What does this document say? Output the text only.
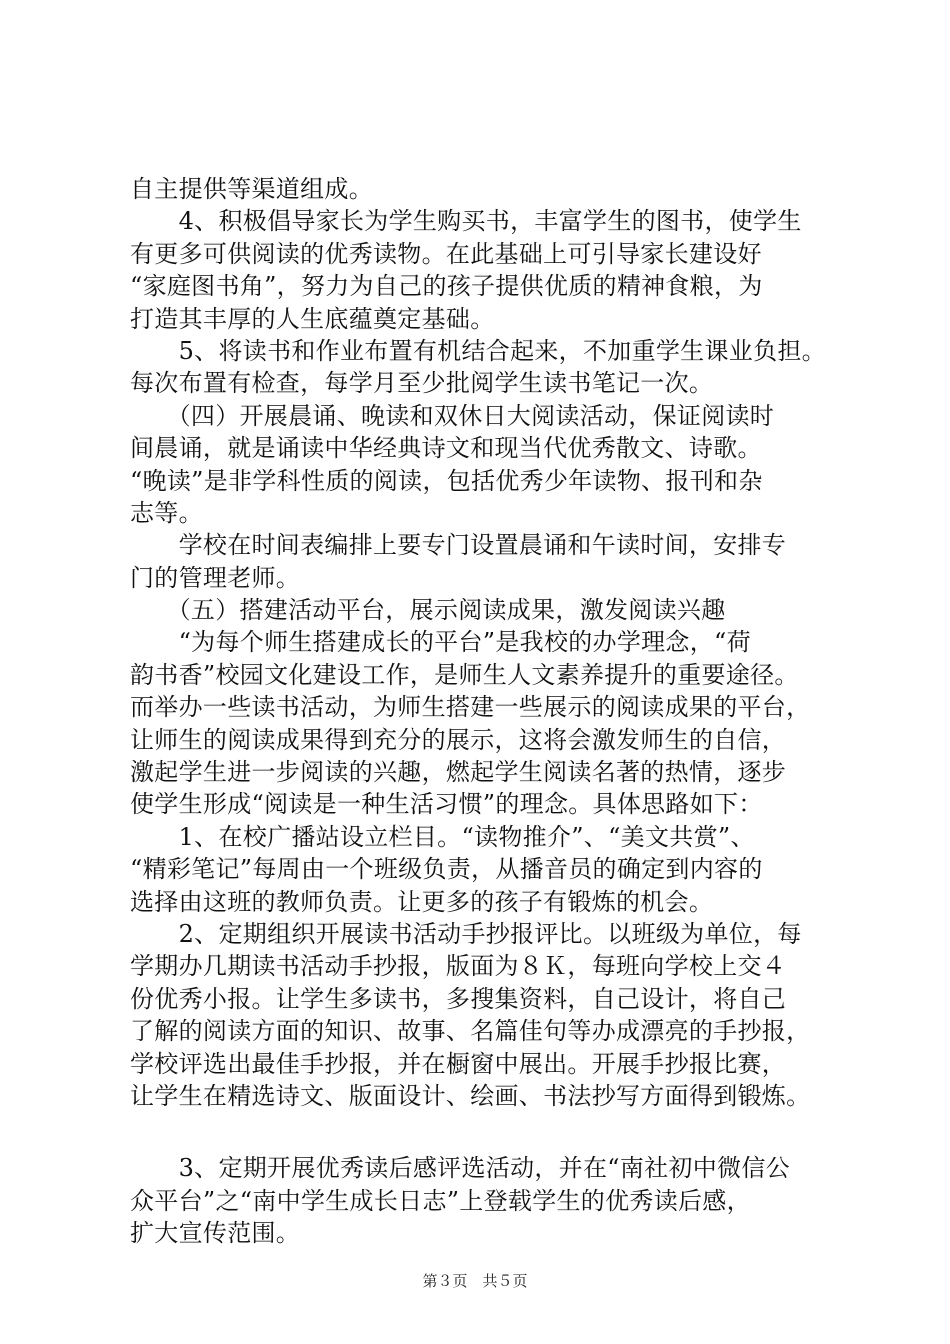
自主提供等渠道组成。
　　4、积极倡导家长为学生购买书，丰富学生的图书，使学生
有更多可供阅读的优秀读物。在此基础上可引导家长建设好
“家庭图书角”，努力为自己的孩子提供优质的精神食粮，为
打造其丰厚的人生底蕴奠定基础。
　　5、将读书和作业布置有机结合起来，不加重学生课业负担。
每次布置有检查，每学月至少批阅学生读书笔记一次。
　　（四）开展晨诵、晚读和双休日大阅读活动，保证阅读时
间晨诵，就是诵读中华经典诗文和现当代优秀散文、诗歌。
“晚读”是非学科性质的阅读，包括优秀少年读物、报刊和杂
志等。
　　学校在时间表编排上要专门设置晨诵和午读时间，安排专
门的管理老师。
　　（五）搭建活动平台，展示阅读成果，激发阅读兴趣
　　“为每个师生搭建成长的平台”是我校的办学理念，“荷
韵书香”校园文化建设工作，是师生人文素养提升的重要途径。
而举办一些读书活动，为师生搭建一些展示的阅读成果的平台，
让师生的阅读成果得到充分的展示，这将会激发师生的自信，
激起学生进一步阅读的兴趣，燃起学生阅读名著的热情，逐步
使学生形成“阅读是一种生活习惯”的理念。具体思路如下：
　　1、在校广播站设立栏目。“读物推介”、“美文共赏”、
“精彩笔记”每周由一个班级负责，从播音员的确定到内容的
选择由这班的教师负责。让更多的孩子有锻炼的机会。
　　2、定期组织开展读书活动手抄报评比。以班级为单位，每
学期办几期读书活动手抄报，版面为８Ｋ，每班向学校上交４
份优秀小报。让学生多读书，多搜集资料，自己设计，将自己
了解的阅读方面的知识、故事、名篇佳句等办成漂亮的手抄报，
学校评选出最佳手抄报，并在橱窗中展出。开展手抄报比赛，
让学生在精选诗文、版面设计、绘画、书法抄写方面得到锻炼。
　　3、定期开展优秀读后感评选活动，并在“南社初中微信公
众平台”之“南中学生成长日志”上登载学生的优秀读后感，
扩大宣传范围。
第３页　共５页
